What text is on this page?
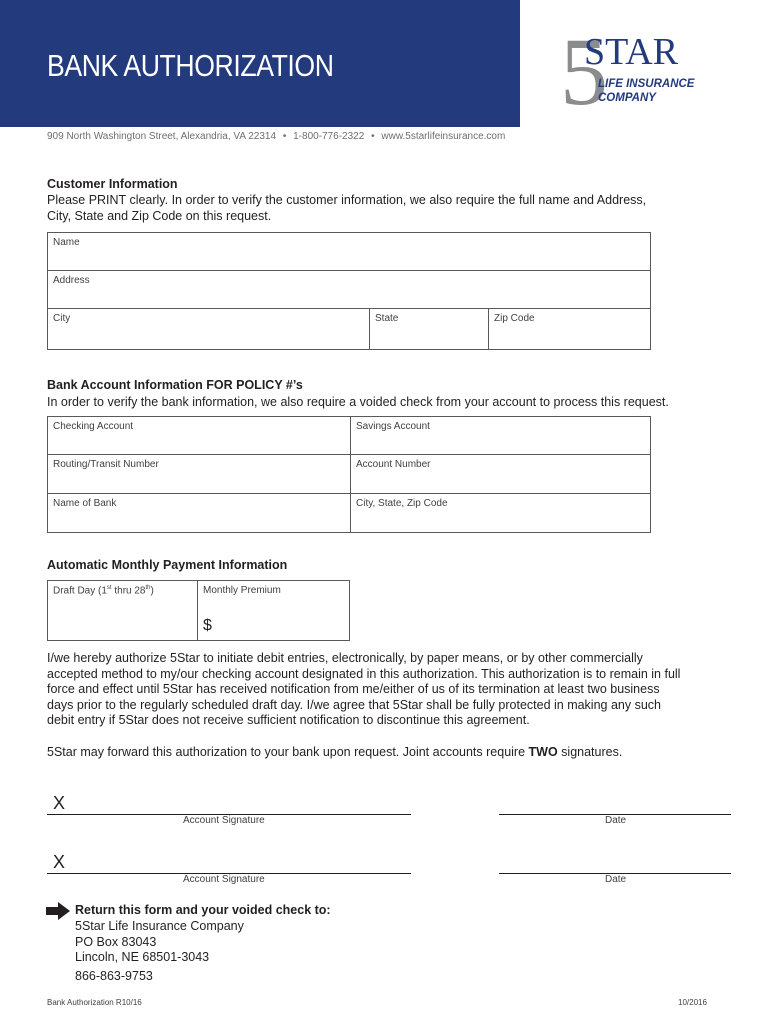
BANK AUTHORIZATION 5
STAR
LIFE INSURANCE
COMPANY
909 North Washington Street, Alexandria, VA 22314 • 1-800-776-2322 • www.5starlifeinsurance.com
Customer Information
Please PRINT clearly. In order to verify the customer information, we also require the full name and Address,
City, State and Zip Code on this request.
Name
Address
City	State	Zip Code
Bank Account Information FOR POLICY #’s
In order to verify the bank information, we also require a voided check from your account to process this request.
Checking Account	Savings Account
Routing/Transit Number	Account Number
Name of Bank	City, State, Zip Code
Automatic Monthly Payment Information
Draft Day (1st thru 28th)	Monthly Premium
$
I/we hereby authorize 5Star to initiate debit entries, electronically, by paper means, or by other commercially
accepted method to my/our checking account designated in this authorization. This authorization is to remain in full
force and effect until 5Star has received notification from me/either of us of its termination at least two business
days prior to the regularly scheduled draft day. I/we agree that 5Star shall be fully protected in making any such
debit entry if 5Star does not receive sufficient notification to discontinue this agreement.
5Star may forward this authorization to your bank upon request. Joint accounts require TWO signatures.
X
Account Signature	Date
X
Account Signature	Date
Return this form and your voided check to:
5Star Life Insurance Company
PO Box 83043
Lincoln, NE 68501-3043
866-863-9753
Bank Authorization R10/16	10/2016
